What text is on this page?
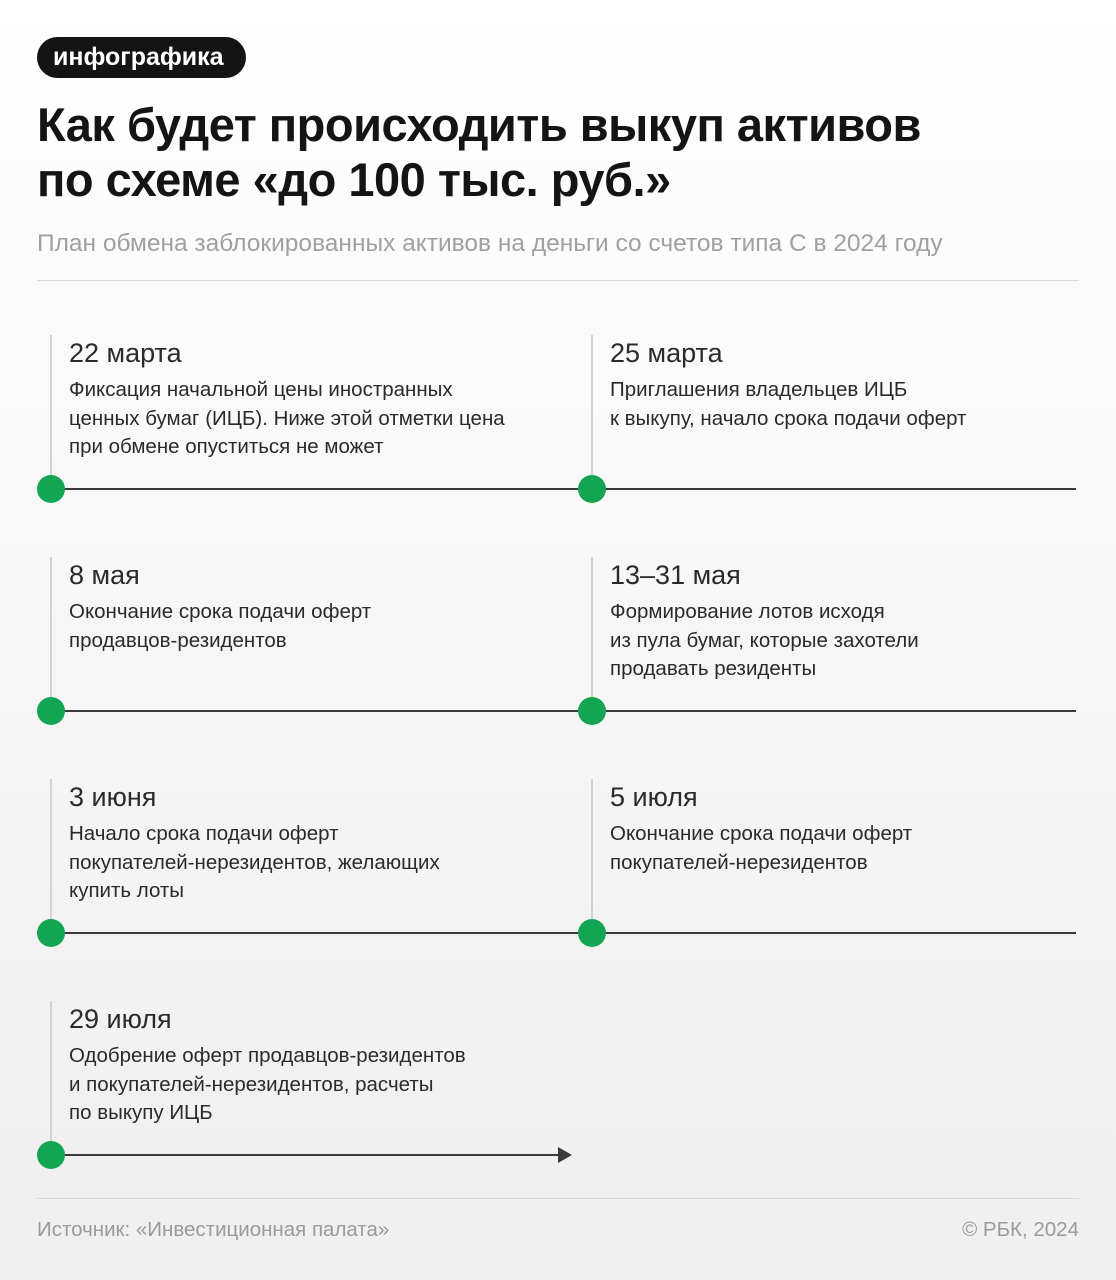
инфографика
Как будет происходить выкуп активов
по схеме «до 100 тыс. руб.»

План обмена заблокированных активов на деньги со счетов типа С в 2024 году

22 марта

Фиксация начальной цены иностранных
ценных бумаг (ИЦБ). Ниже этой отметки цена
при обмене опуститься не может

25 марта

Приглашения владельцев ИЦБ
к выкупу, начало срока подачи оферт

8 мая

Окончание срока подачи оферт
продавцов-резидентов

13–31 мая

Формирование лотов исходя
из пула бумаг, которые захотели
продавать резиденты

3 июня

Начало срока подачи оферт
покупателей-нерезидентов, желающих
купить лоты

5 июля

Окончание срока подачи оферт
покупателей-нерезидентов

29 июля

Одобрение оферт продавцов-резидентов
и покупателей-нерезидентов, расчеты
по выкупу ИЦБ

Источник: «Инвестиционная палата»	© РБК, 2024
